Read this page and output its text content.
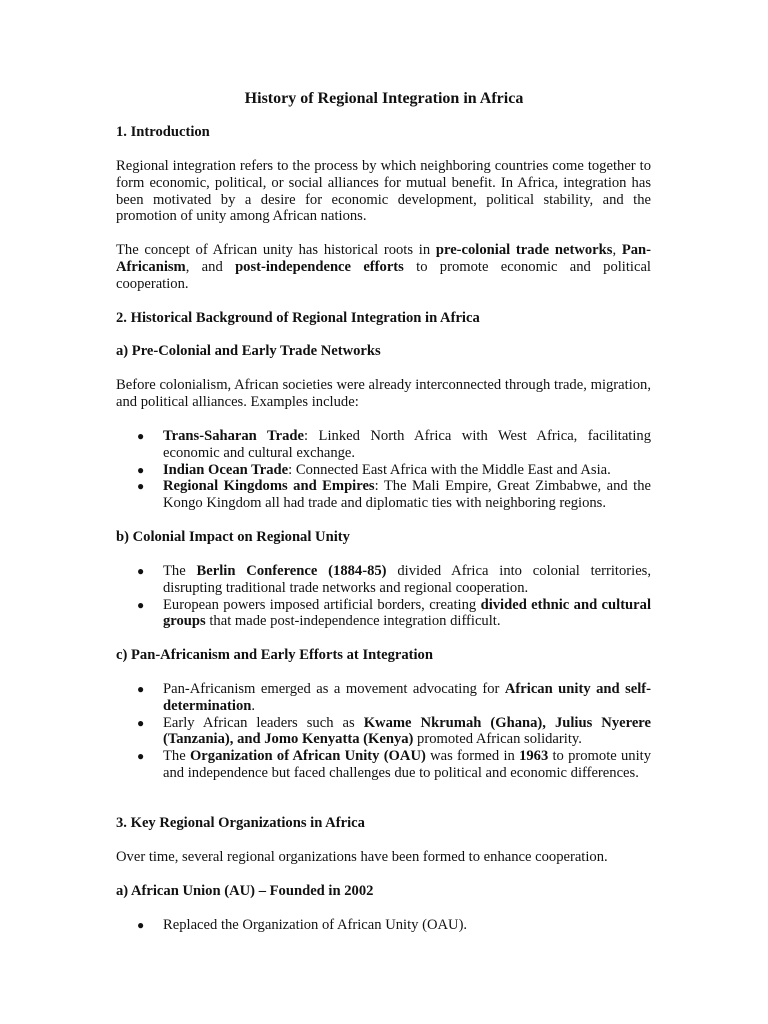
History of Regional Integration in Africa
1. Introduction

Regional integration refers to the process by which neighboring countries come together to form economic, political, or social alliances for mutual benefit. In Africa, integration has been motivated by a desire for economic development, political stability, and the promotion of unity among African nations.

The concept of African unity has historical roots in pre-colonial trade networks, Pan-Africanism, and post-independence efforts to promote economic and political cooperation.

2. Historical Background of Regional Integration in Africa
a) Pre-Colonial and Early Trade Networks

Before colonialism, African societies were already interconnected through trade, migration, and political alliances. Examples include:

● Trans-Saharan Trade: Linked North Africa with West Africa, facilitating economic and cultural exchange.
● Indian Ocean Trade: Connected East Africa with the Middle East and Asia.
● Regional Kingdoms and Empires: The Mali Empire, Great Zimbabwe, and the Kongo Kingdom all had trade and diplomatic ties with neighboring regions.
b) Colonial Impact on Regional Unity
● The Berlin Conference (1884-85) divided Africa into colonial territories, disrupting traditional trade networks and regional cooperation.
● European powers imposed artificial borders, creating divided ethnic and cultural groups that made post-independence integration difficult.
c) Pan-Africanism and Early Efforts at Integration
● Pan-Africanism emerged as a movement advocating for African unity and self-determination.
● Early African leaders such as Kwame Nkrumah (Ghana), Julius Nyerere (Tanzania), and Jomo Kenyatta (Kenya) promoted African solidarity.
● The Organization of African Unity (OAU) was formed in 1963 to promote unity and independence but faced challenges due to political and economic differences.
3. Key Regional Organizations in Africa

Over time, several regional organizations have been formed to enhance cooperation.

a) African Union (AU) – Founded in 2002
● Replaced the Organization of African Unity (OAU).
